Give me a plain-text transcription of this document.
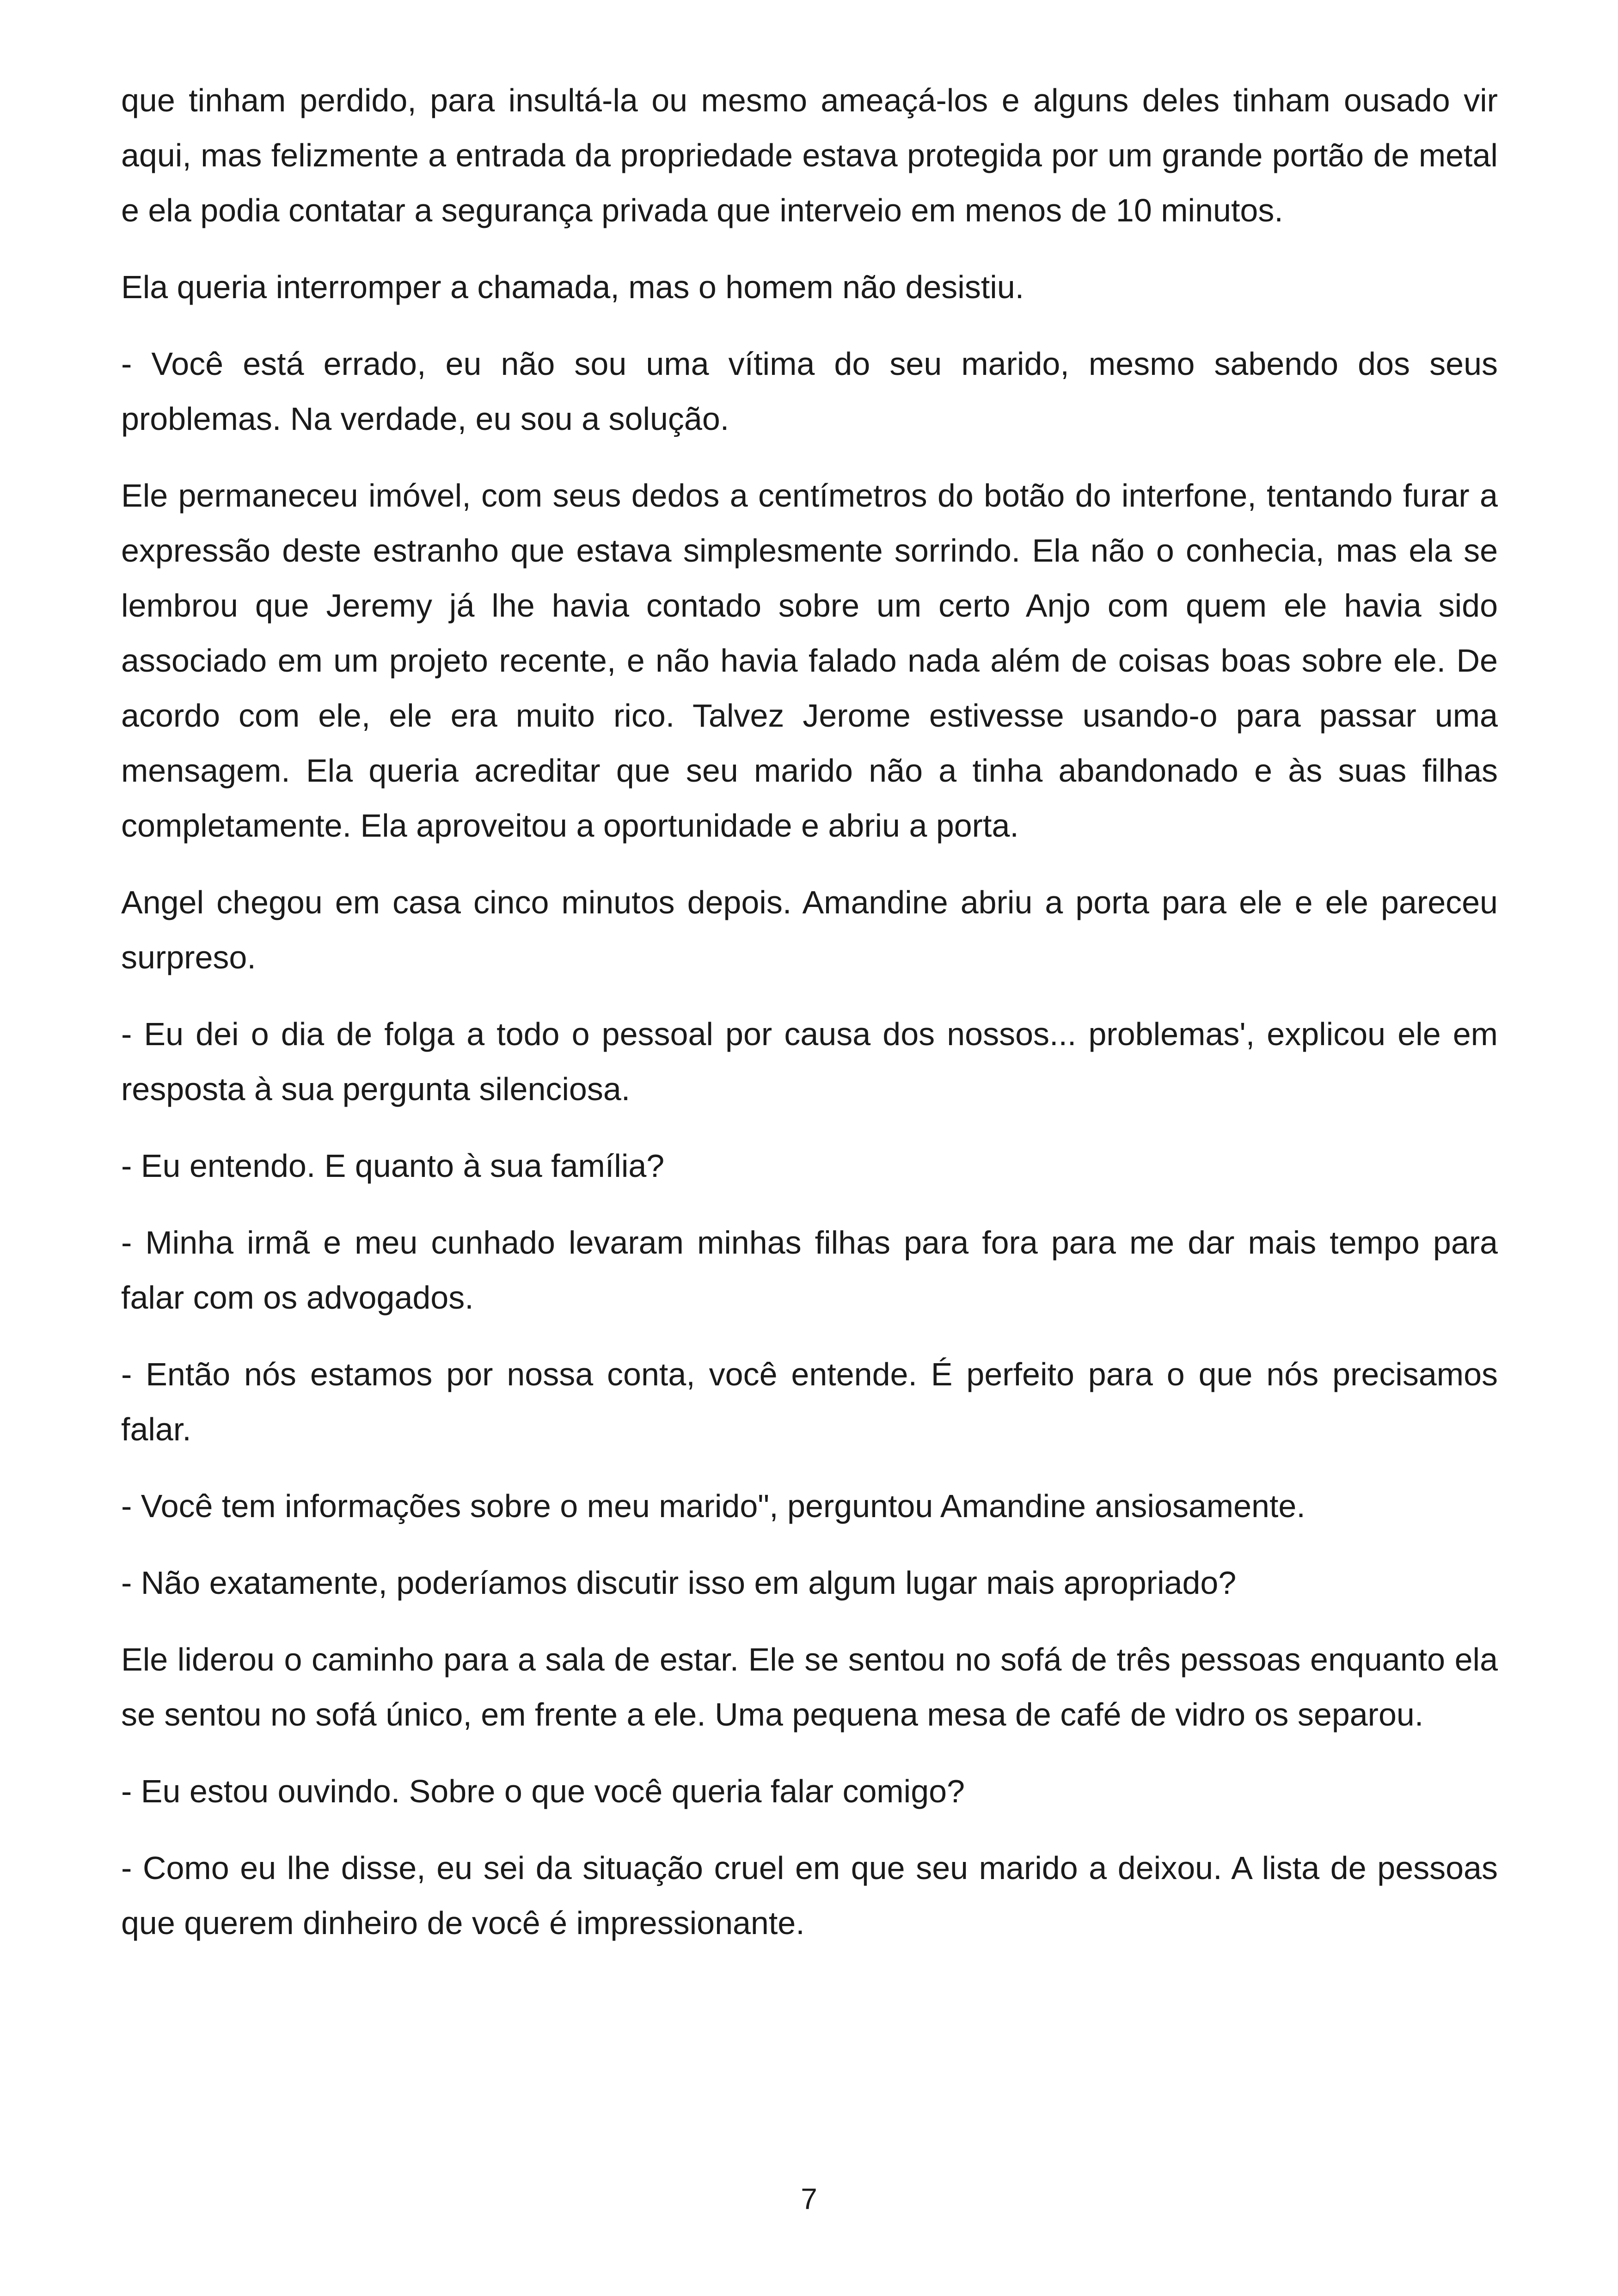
que tinham perdido, para insultá-la ou mesmo ameaçá-los e alguns deles tinham ousado vir aqui, mas felizmente a entrada da propriedade estava protegida por um grande portão de metal e ela podia contatar a segurança privada que interveio em menos de 10 minutos.

Ela queria interromper a chamada, mas o homem não desistiu.

- Você está errado, eu não sou uma vítima do seu marido, mesmo sabendo dos seus problemas. Na verdade, eu sou a solução.

Ele permaneceu imóvel, com seus dedos a centímetros do botão do interfone, tentando furar a expressão deste estranho que estava simplesmente sorrindo. Ela não o conhecia, mas ela se lembrou que Jeremy já lhe havia contado sobre um certo Anjo com quem ele havia sido associado em um projeto recente, e não havia falado nada além de coisas boas sobre ele. De acordo com ele, ele era muito rico. Talvez Jerome estivesse usando-o para passar uma mensagem. Ela queria acreditar que seu marido não a tinha abandonado e às suas filhas completamente. Ela aproveitou a oportunidade e abriu a porta.

Angel chegou em casa cinco minutos depois. Amandine abriu a porta para ele e ele pareceu surpreso.

- Eu dei o dia de folga a todo o pessoal por causa dos nossos... problemas', explicou ele em resposta à sua pergunta silenciosa.

- Eu entendo. E quanto à sua família?

- Minha irmã e meu cunhado levaram minhas filhas para fora para me dar mais tempo para falar com os advogados.

- Então nós estamos por nossa conta, você entende. É perfeito para o que nós precisamos falar.

- Você tem informações sobre o meu marido", perguntou Amandine ansiosamente.

- Não exatamente, poderíamos discutir isso em algum lugar mais apropriado?

Ele liderou o caminho para a sala de estar. Ele se sentou no sofá de três pessoas enquanto ela se sentou no sofá único, em frente a ele. Uma pequena mesa de café de vidro os separou.

- Eu estou ouvindo. Sobre o que você queria falar comigo?

- Como eu lhe disse, eu sei da situação cruel em que seu marido a deixou. A lista de pessoas que querem dinheiro de você é impressionante.

7
